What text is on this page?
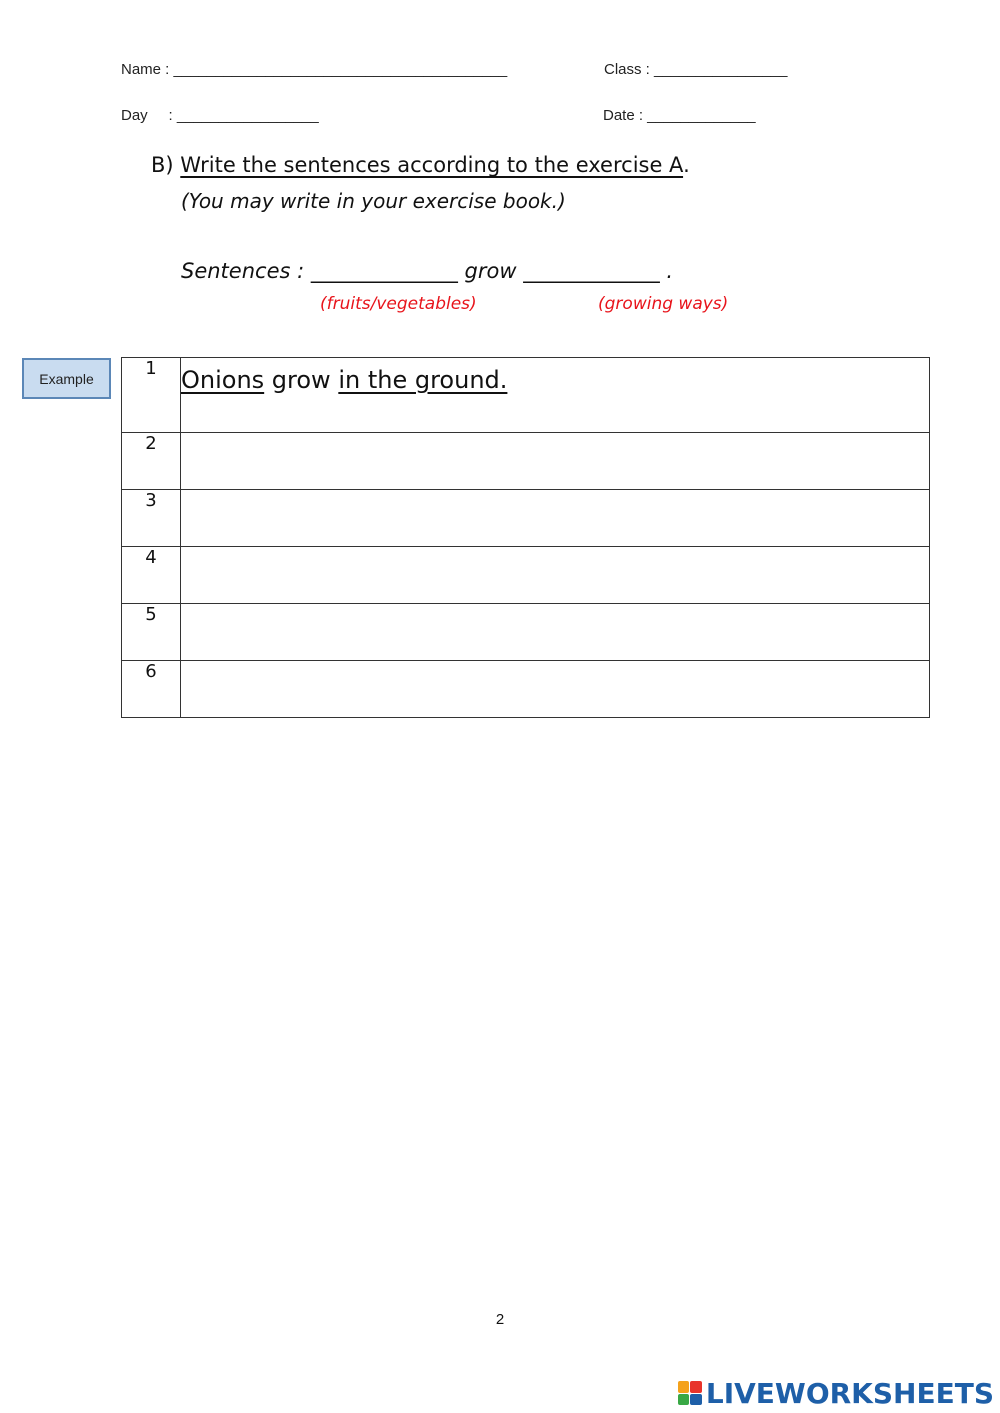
Name : ________________________________________	Class : ________________
Day     : _________________	Date : _____________
B) Write the sentences according to the exercise A.
(You may write in your exercise book.)
Sentences : ______________ grow _____________ .
(fruits/vegetables)	(growing ways)
Example	1	Onions grow in the ground.
2	
3	
4	
5	
6	
2
LIVEWORKSHEETS
